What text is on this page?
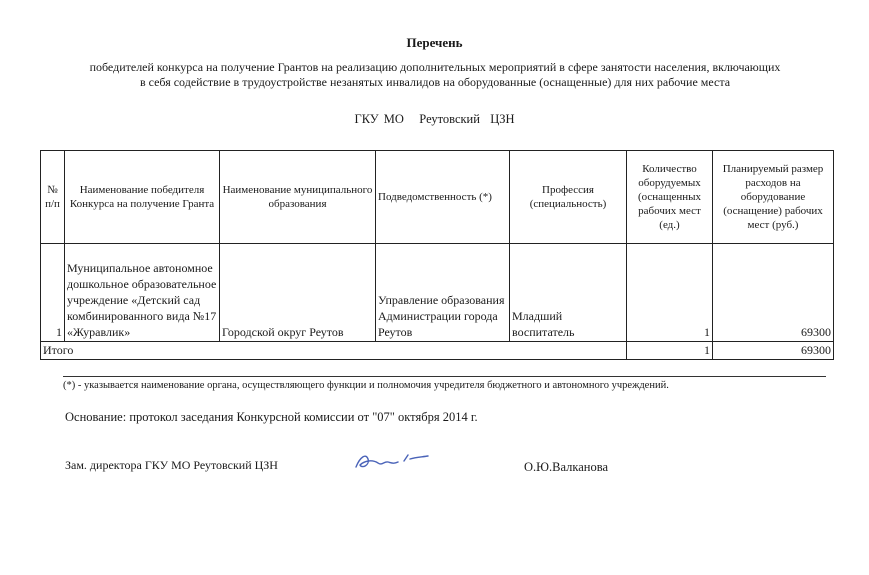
Перечень
победителей конкурса на получение Грантов на реализацию дополнительных мероприятий в сфере занятости населения, включающих
в себя содействие в трудоустройстве незанятых инвалидов на оборудованные (оснащенные) для них рабочие места
ГКУ МО   Реутовский  ЦЗН
№ п/п	Наименование победителя Конкурса на получение Гранта	Наименование муниципального образования	Подведомственность (*)	Профессия (специальность)	Количество оборудуемых (оснащенных рабочих мест (ед.)	Планируемый размер расходов на оборудование (оснащение) рабочих мест (руб.)
1	Муниципальное автономное дошкольное образовательное учреждение «Детский сад комбинированного вида №17 «Журавлик»	Городской округ Реутов	Управление образования Администрации города Реутов	Младший воспитатель	1	69300
Итого					1	69300
(*) - указывается наименование органа, осуществляющего функции и полномочия учредителя бюджетного и автономного учреждений.
Основание: протокол заседания Конкурсной комиссии от "07" октября 2014 г.
Зам. директора ГКУ МО Реутовский ЦЗН	О.Ю.Валканова
